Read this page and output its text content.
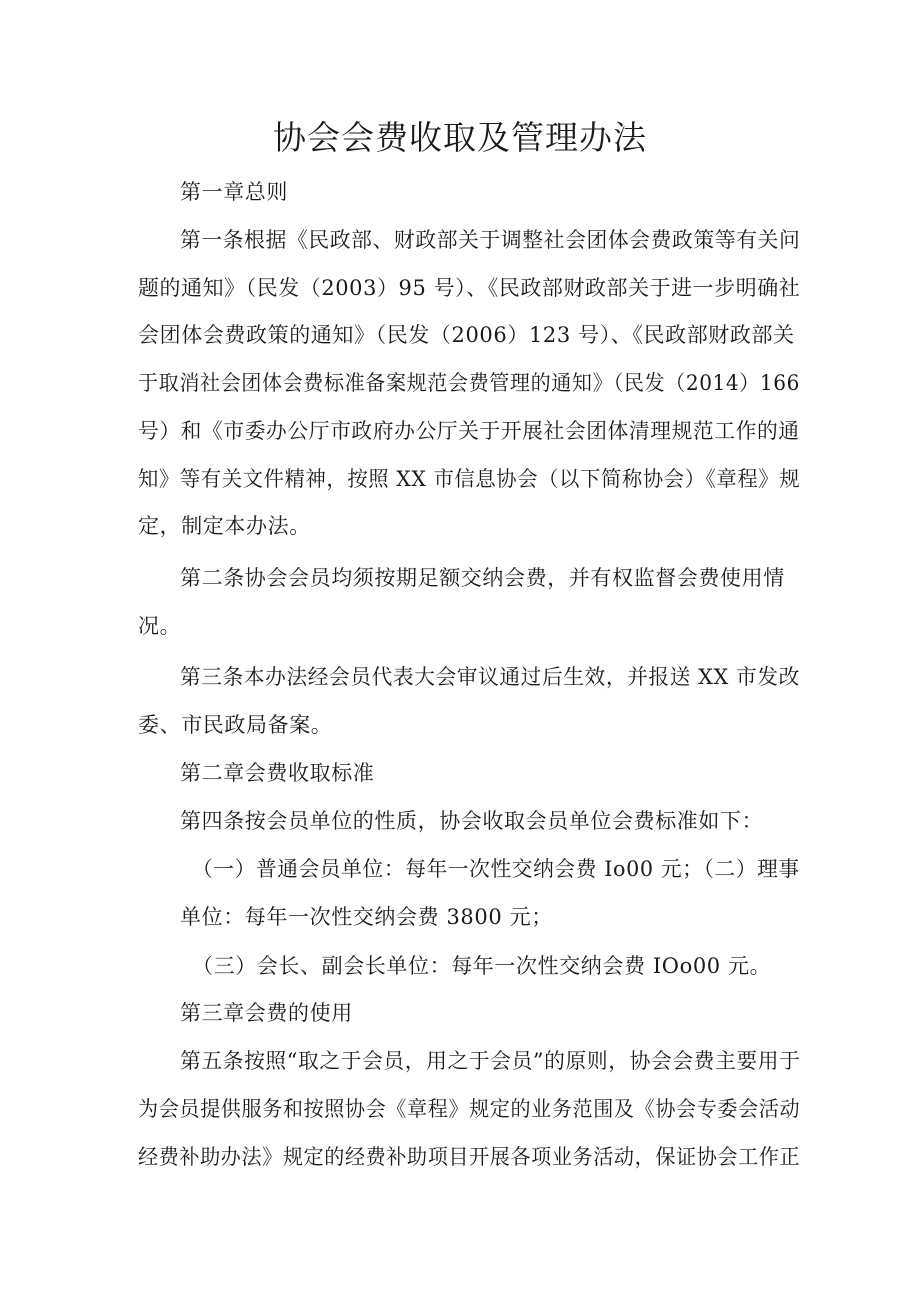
协会会费收取及管理办法

第一章总则

第一条根据《民政部、财政部关于调整社会团体会费政策等有关问

题的通知》（民发（2003）95 号）、《民政部财政部关于进一步明确社

会团体会费政策的通知》（民发（2006）123 号）、《民政部财政部关

于取消社会团体会费标准备案规范会费管理的通知》（民发（2014）166

号）和《市委办公厅市政府办公厅关于开展社会团体清理规范工作的通

知》等有关文件精神，按照 XX 市信息协会（以下简称协会）《章程》规

定，制定本办法。

第二条协会会员均须按期足额交纳会费，并有权监督会费使用情

况。

第三条本办法经会员代表大会审议通过后生效，并报送 XX 市发改

委、市民政局备案。

第二章会费收取标准

第四条按会员单位的性质，协会收取会员单位会费标准如下：

（一）普通会员单位：每年一次性交纳会费 Io00 元；（二）理事

单位：每年一次性交纳会费 3800 元；

（三）会长、副会长单位：每年一次性交纳会费 IOo00 元。

第三章会费的使用

第五条按照“取之于会员，用之于会员”的原则，协会会费主要用于

为会员提供服务和按照协会《章程》规定的业务范围及《协会专委会活动

经费补助办法》规定的经费补助项目开展各项业务活动，保证协会工作正
